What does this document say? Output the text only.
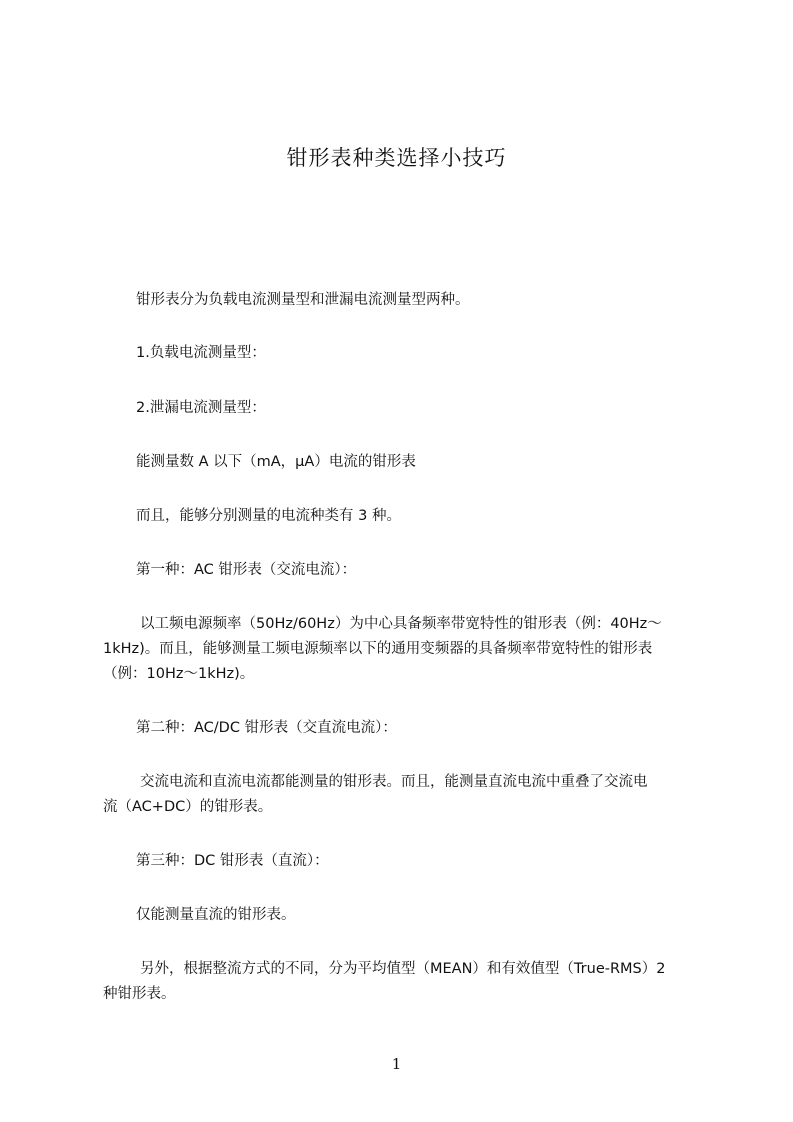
钳形表种类选择小技巧
钳形表分为负载电流测量型和泄漏电流测量型两种。
1.负载电流测量型：
2.泄漏电流测量型：
能测量数 A 以下（mA，μA）电流的钳形表
而且，能够分别测量的电流种类有 3 种。
第一种：AC 钳形表（交流电流）：
以工频电源频率（50Hz/60Hz）为中心具备频率带宽特性的钳形表（例：40Hz～
1kHz)。而且，能够测量工频电源频率以下的通用变频器的具备频率带宽特性的钳形表
（例：10Hz～1kHz)。
第二种：AC/DC 钳形表（交直流电流）：
交流电流和直流电流都能测量的钳形表。而且，能测量直流电流中重叠了交流电
流（AC+DC）的钳形表。
第三种：DC 钳形表（直流）：
仅能测量直流的钳形表。
另外，根据整流方式的不同，分为平均值型（MEAN）和有效值型（True-RMS）2
种钳形表。
1
